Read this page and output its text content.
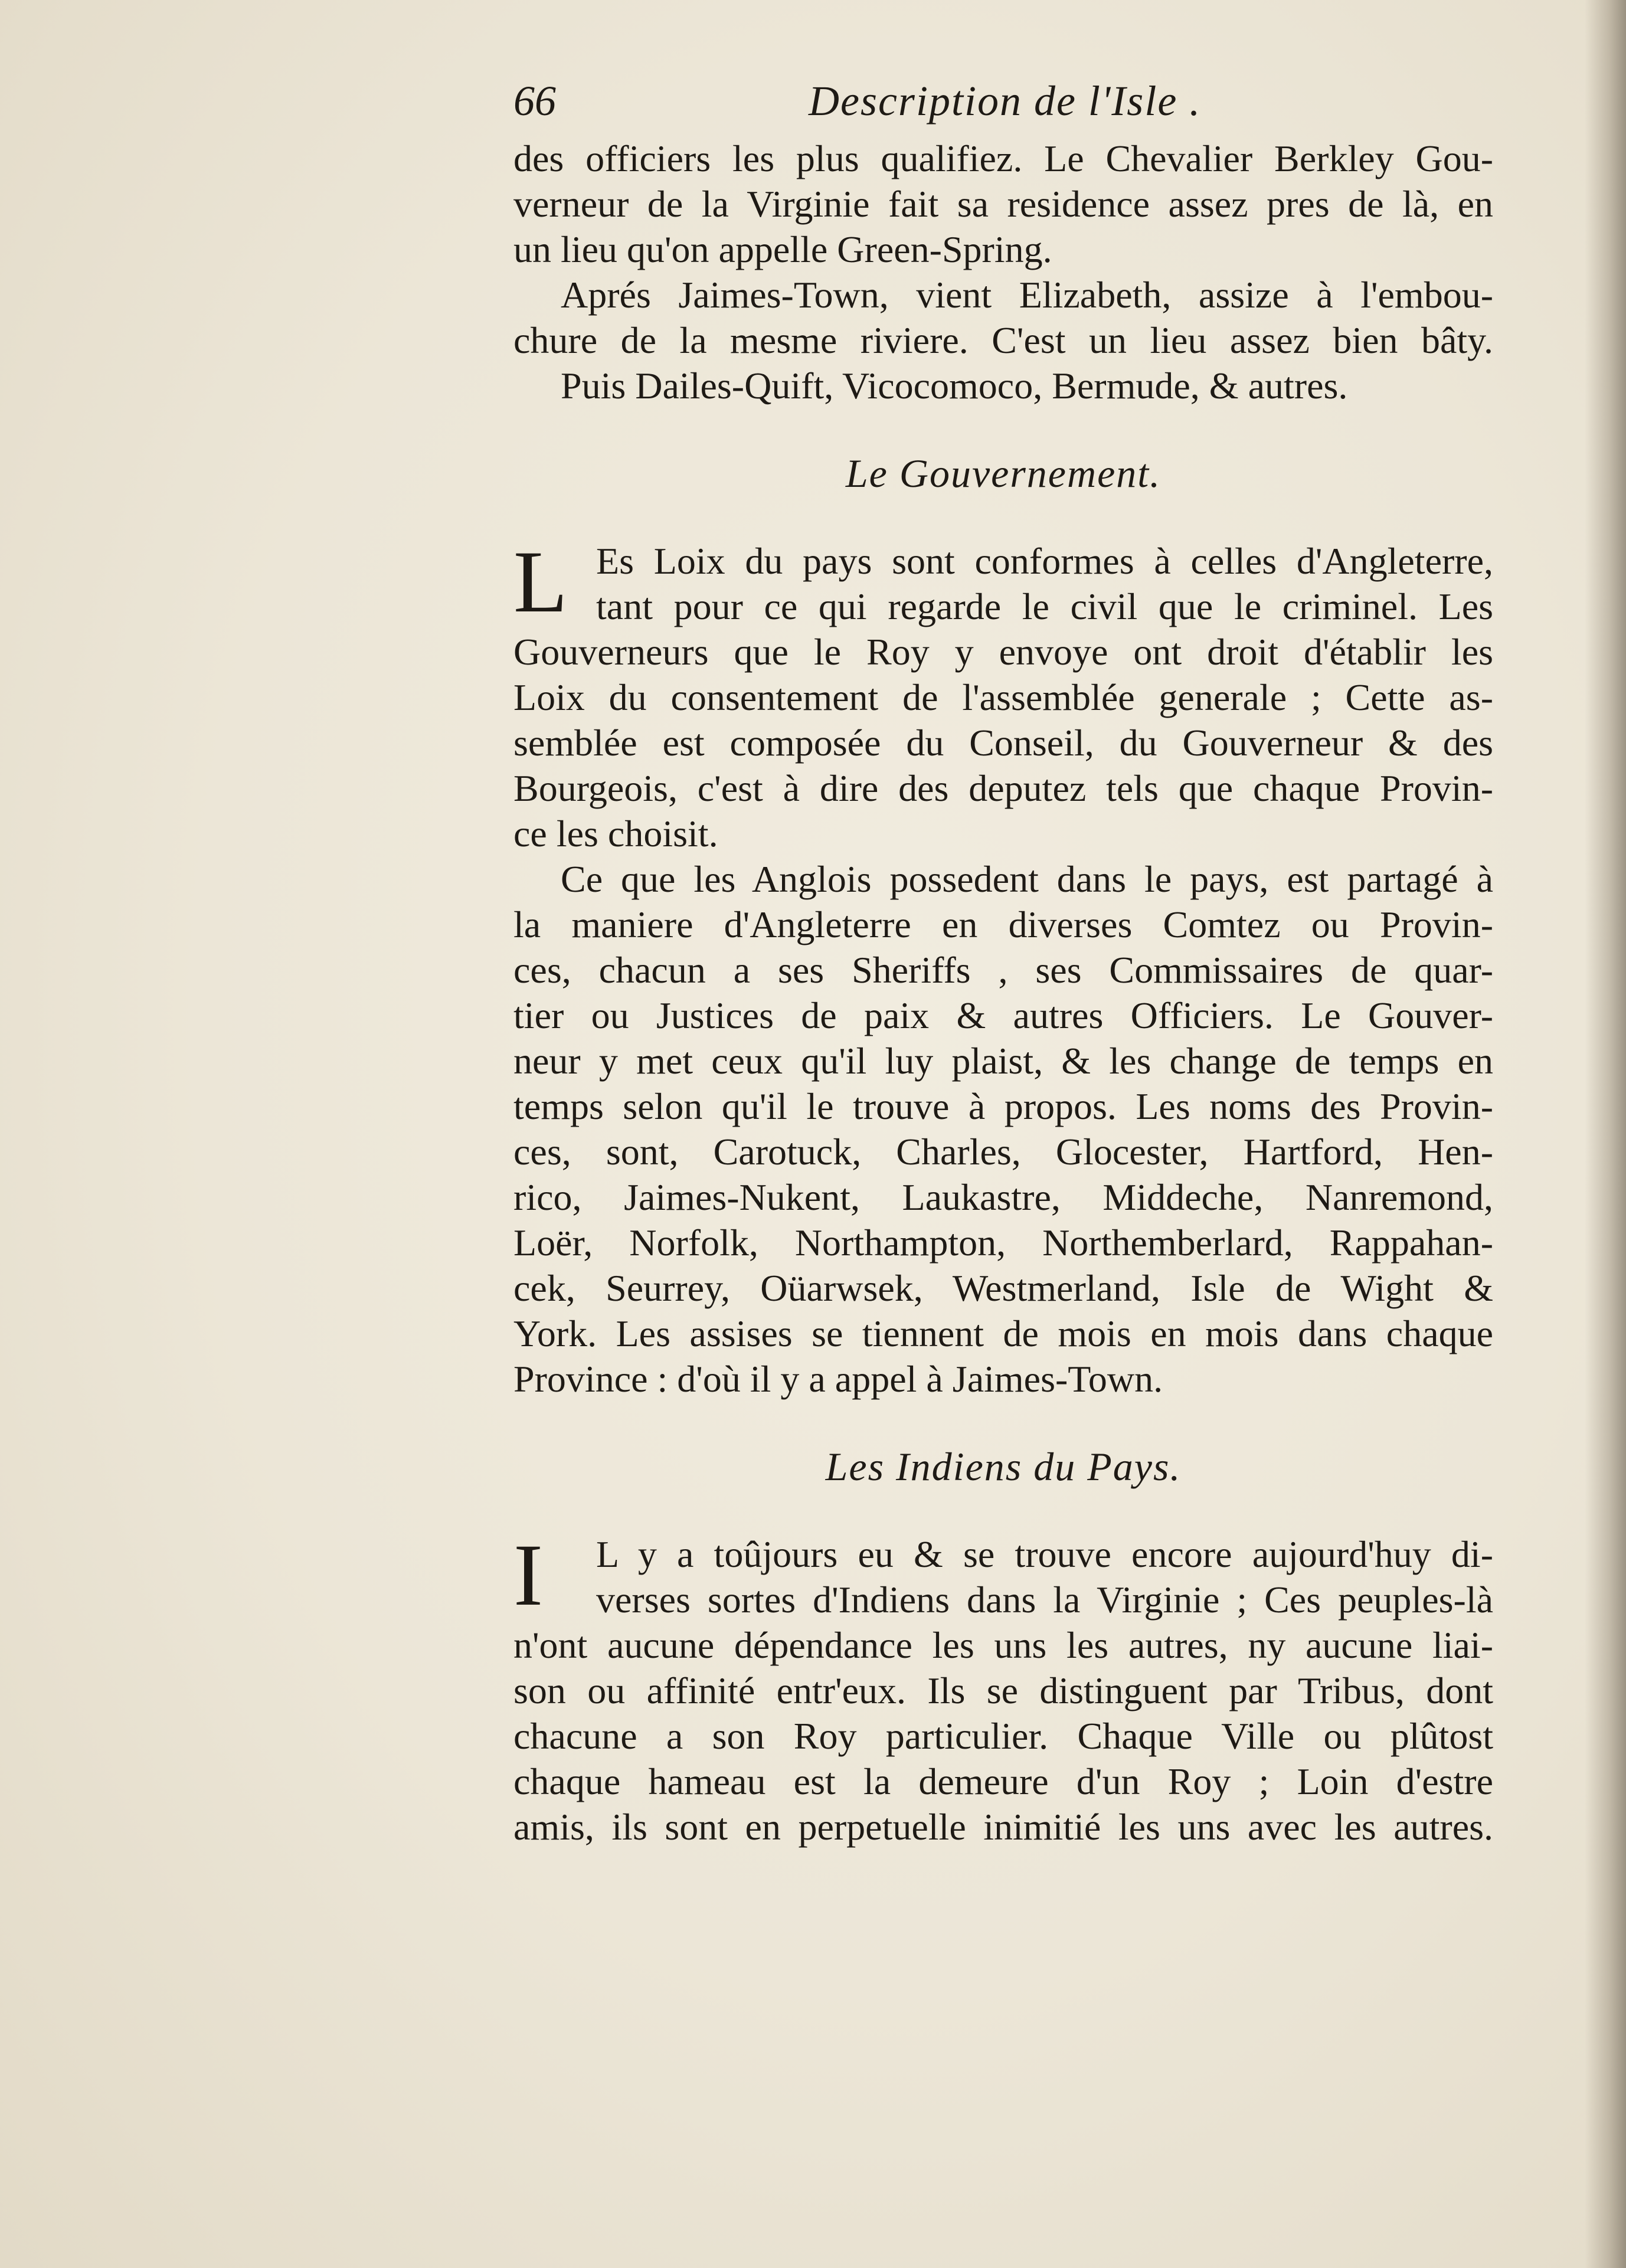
66	Description de l'Isle .
des officiers les plus qualifiez. Le Chevalier Berkley Gou-
verneur de la Virginie fait sa residence assez pres de là, en
un lieu qu'on appelle Green-Spring.
Aprés Jaimes-Town, vient Elizabeth, assize à l'embou-
chure de la mesme riviere. C'est un lieu assez bien bâty.
Puis Dailes-Quift, Vicocomoco, Bermude, & autres.
Le Gouvernement.
L Es Loix du pays sont conformes à celles d'Angleterre,
tant pour ce qui regarde le civil que le criminel. Les
Gouverneurs que le Roy y envoye ont droit d'établir les
Loix du consentement de l'assemblée generale ; Cette as-
semblée est composée du Conseil, du Gouverneur & des
Bourgeois, c'est à dire des deputez tels que chaque Provin-
ce les choisit.
Ce que les Anglois possedent dans le pays, est partagé à
la maniere d'Angleterre en diverses Comtez ou Provin-
ces, chacun a ses Sheriffs , ses Commissaires de quar-
tier ou Justices de paix & autres Officiers. Le Gouver-
neur y met ceux qu'il luy plaist, & les change de temps en
temps selon qu'il le trouve à propos. Les noms des Provin-
ces, sont, Carotuck, Charles, Glocester, Hartford, Hen-
rico, Jaimes-Nukent, Laukastre, Middeche, Nanremond,
Loër, Norfolk, Northampton, Northemberlard, Rappahan-
cek, Seurrey, Oüarwsek, Westmerland, Isle de Wight &
York. Les assises se tiennent de mois en mois dans chaque
Province : d'où il y a appel à Jaimes-Town.
Les Indiens du Pays.
I	L y a toûjours eu & se trouve encore aujourd'huy di-
verses sortes d'Indiens dans la Virginie ; Ces peuples-là
n'ont aucune dépendance les uns les autres, ny aucune liai-
son ou affinité entr'eux. Ils se distinguent par Tribus, dont
chacune a son Roy particulier. Chaque Ville ou plûtost
chaque hameau est la demeure d'un Roy ; Loin d'estre
amis, ils sont en perpetuelle inimitié les uns avec les autres.
